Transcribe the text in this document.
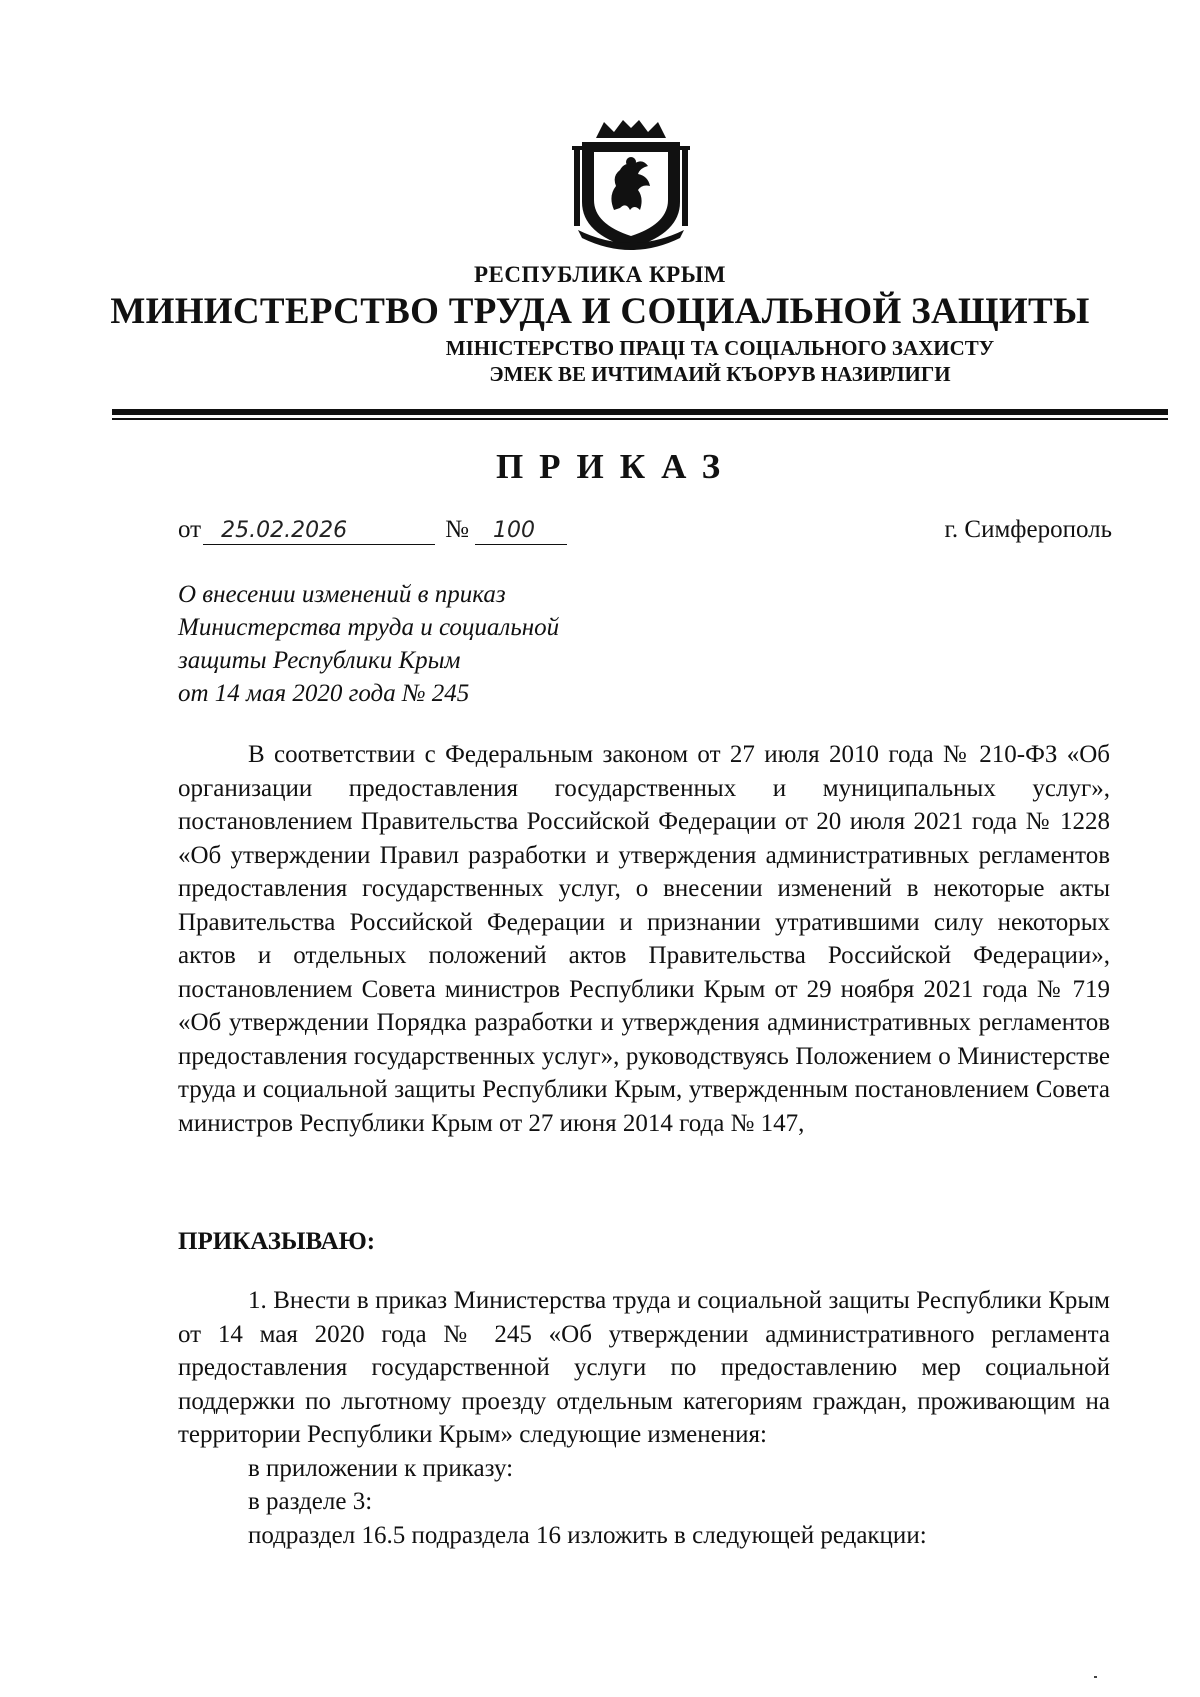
РЕСПУБЛИКА КРЫМ
МИНИСТЕРСТВО ТРУДА И СОЦИАЛЬНОЙ ЗАЩИТЫ
МІНІСТЕРСТВО ПРАЦІ ТА СОЦІАЛЬНОГО ЗАХИСТУ
ЭМЕК ВЕ ИЧТИМАИЙ КЪОРУВ НАЗИРЛИГИ
ПРИКАЗ
от 25.02.2026	№ 100	г. Симферополь
О внесении изменений в приказ
Министерства труда и социальной
защиты Республики Крым
от 14 мая 2020 года № 245
В соответствии с Федеральным законом от 27 июля 2010 года № 210-ФЗ «Об организации предоставления государственных и муниципальных услуг», постановлением Правительства Российской Федерации от 20 июля 2021 года № 1228 «Об утверждении Правил разработки и утверждения административных регламентов предоставления государственных услуг, о внесении изменений в некоторые акты Правительства Российской Федерации и признании утратившими силу некоторых актов и отдельных положений актов Правительства Российской Федерации», постановлением Совета министров Республики Крым от 29 ноября 2021 года № 719 «Об утверждении Порядка разработки и утверждения административных регламентов предоставления государственных услуг», руководствуясь Положением о Министерстве труда и социальной защиты Республики Крым, утвержденным постановлением Совета министров Республики Крым от 27 июня 2014 года № 147,
ПРИКАЗЫВАЮ:
1. Внести в приказ Министерства труда и социальной защиты Республики Крым от 14 мая 2020 года № 245 «Об утверждении административного регламента предоставления государственной услуги по предоставлению мер социальной поддержки по льготному проезду отдельным категориям граждан, проживающим на территории Республики Крым» следующие изменения:
в приложении к приказу:
в разделе 3:
подраздел 16.5 подраздела 16 изложить в следующей редакции:
